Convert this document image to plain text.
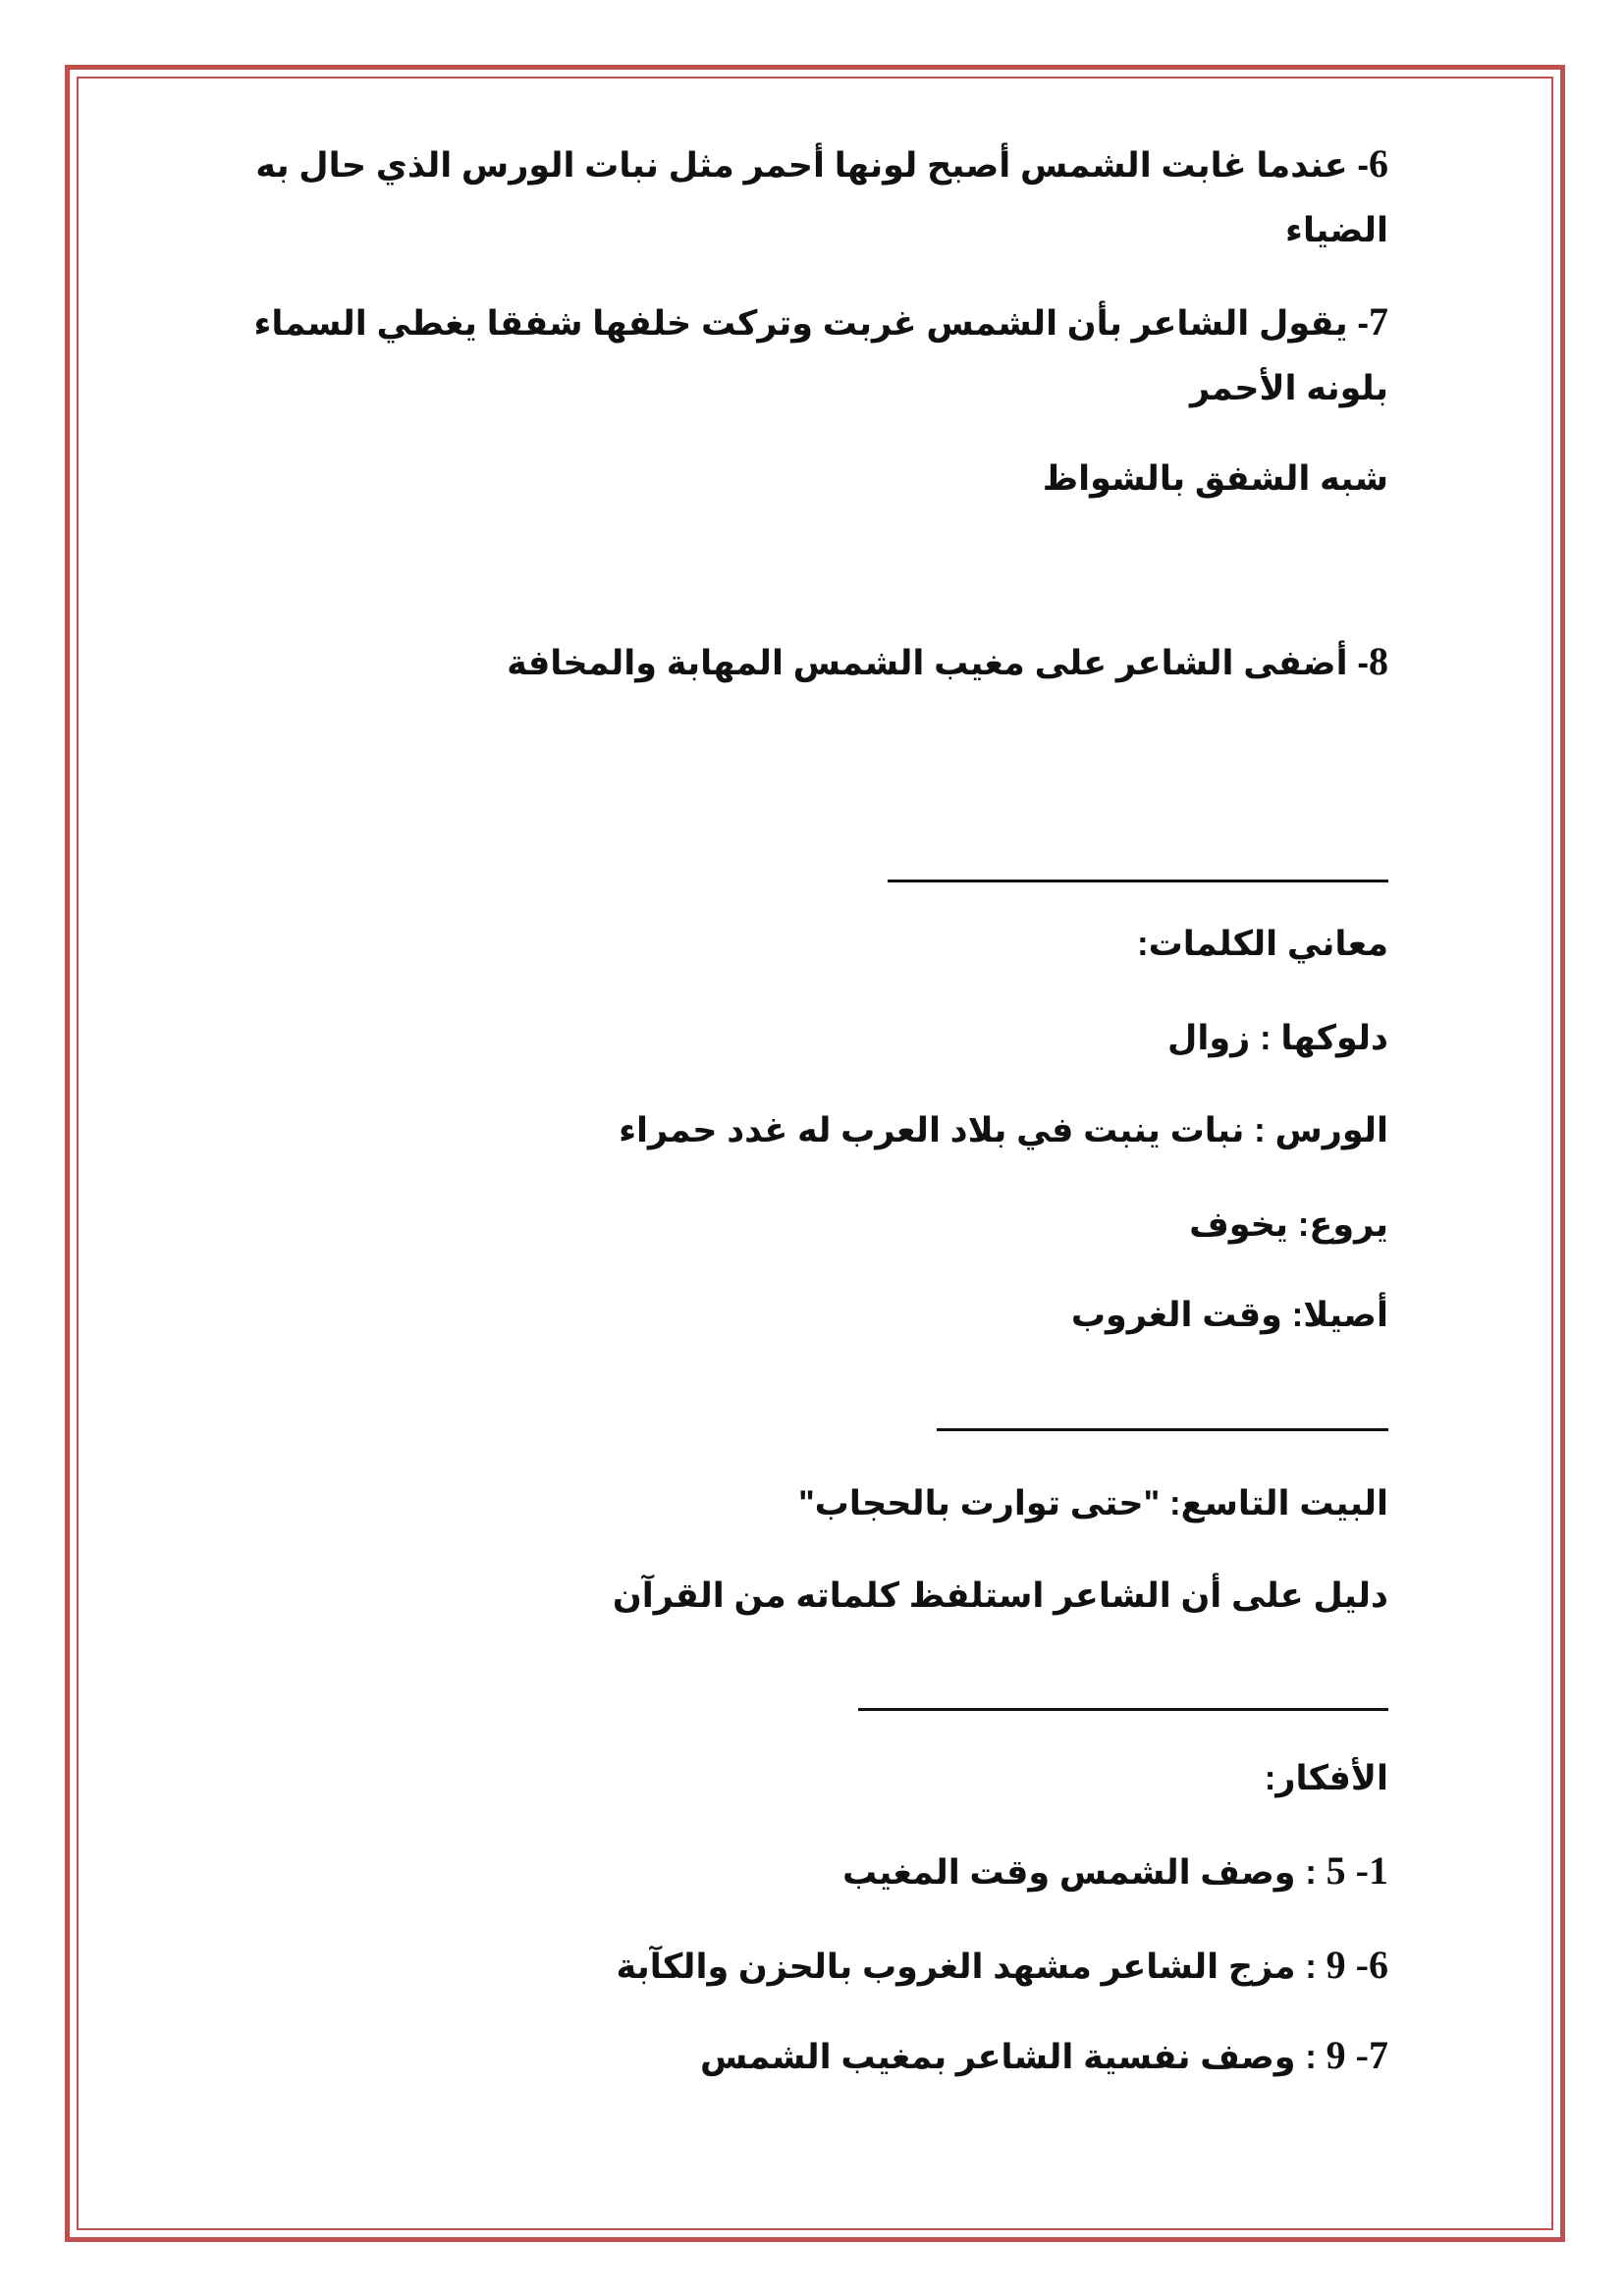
6- عندما غابت الشمس أصبح لونها أحمر مثل نبات الورس الذي حال به الضياء
7- يقول الشاعر بأن الشمس غربت وتركت خلفها شفقا يغطي السماء بلونه الأحمر
شبه الشفق بالشواظ
8- أضفى الشاعر على مغيب الشمس المهابة والمخافة
معاني الكلمات:
دلوكها : زوال
الورس : نبات ينبت في بلاد العرب له غدد حمراء
يروع: يخوف
أصيلا: وقت الغروب
البيت التاسع: "حتى توارت بالحجاب"
دليل على أن الشاعر استلفظ كلماته من القرآن
الأفكار:
1- 5 : وصف الشمس وقت المغيب
6- 9 : مزج الشاعر مشهد الغروب بالحزن والكآبة
7- 9 : وصف نفسية الشاعر بمغيب الشمس
